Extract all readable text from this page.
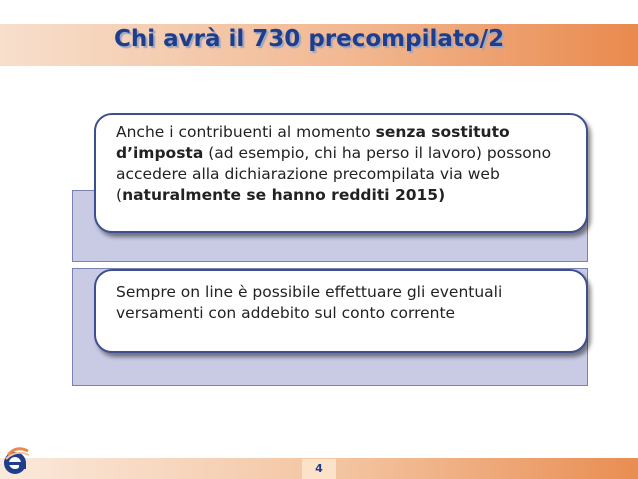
Chi avrà il 730 precompilato/2
Anche i contribuenti al momento senza sostituto d’imposta (ad esempio, chi ha perso il lavoro) possono accedere alla dichiarazione precompilata via web (naturalmente se hanno redditi 2015)
Sempre on line è possibile effettuare gli eventuali versamenti con addebito sul conto corrente
4
